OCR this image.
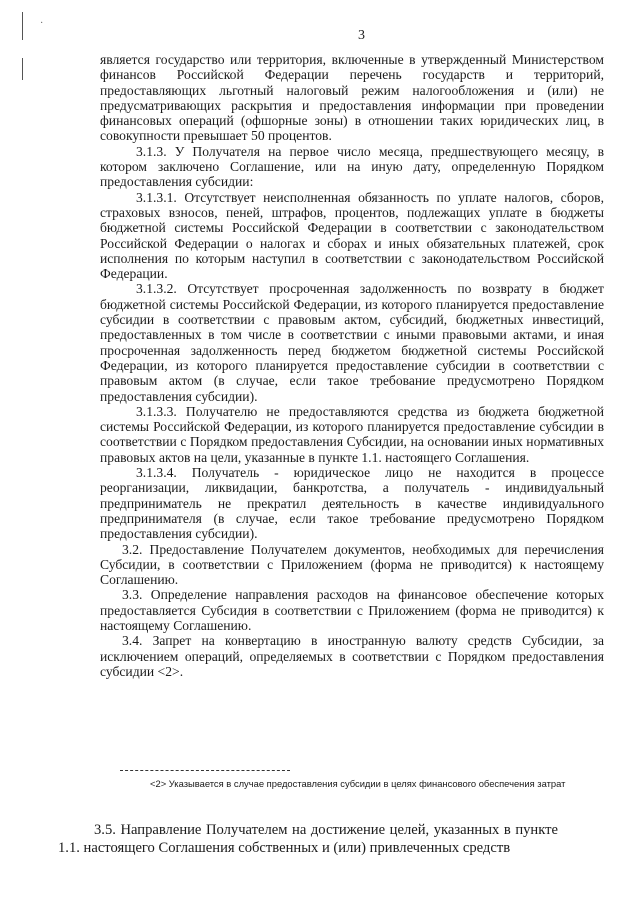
·
3

является государство или территория, включенные в утвержденный Министерством финансов Российской Федерации перечень государств и территорий, предоставляющих льготный налоговый режим налогообложения и (или) не предусматривающих раскрытия и предоставления информации при проведении финансовых операций (офшорные зоны) в отношении таких юридических лиц, в совокупности превышает 50 процентов.

3.1.3. У Получателя на первое число месяца, предшествующего месяцу, в котором заключено Соглашение, или на иную дату, определенную Порядком предоставления субсидии:

3.1.3.1. Отсутствует неисполненная обязанность по уплате налогов, сборов, страховых взносов, пеней, штрафов, процентов, подлежащих уплате в бюджеты бюджетной системы Российской Федерации в соответствии с законодательством Российской Федерации о налогах и сборах и иных обязательных платежей, срок исполнения по которым наступил в соответствии с законодательством Российской Федерации.

3.1.3.2. Отсутствует просроченная задолженность по возврату в бюджет бюджетной системы Российской Федерации, из которого планируется предоставление субсидии в соответствии с правовым актом, субсидий, бюджетных инвестиций, предоставленных в том числе в соответствии с иными правовыми актами, и иная просроченная задолженность перед бюджетом бюджетной системы Российской Федерации, из которого планируется предоставление субсидии в соответствии с правовым актом (в случае, если такое требование предусмотрено Порядком предоставления субсидии).

3.1.3.3. Получателю не предоставляются средства из бюджета бюджетной системы Российской Федерации, из которого планируется предоставление субсидии в соответствии с Порядком предоставления Субсидии, на основании иных нормативных правовых актов на цели, указанные в пункте 1.1. настоящего Соглашения.

3.1.3.4. Получатель - юридическое лицо не находится в процессе реорганизации, ликвидации, банкротства, а получатель - индивидуальный предприниматель не прекратил деятельность в качестве индивидуального предпринимателя (в случае, если такое требование предусмотрено Порядком предоставления субсидии).

3.2. Предоставление Получателем документов, необходимых для перечисления Субсидии, в соответствии с Приложением (форма не приводится) к настоящему Соглашению.

3.3. Определение направления расходов на финансовое обеспечение которых предоставляется Субсидия в соответствии с Приложением (форма не приводится) к настоящему Соглашению.

3.4. Запрет на конвертацию в иностранную валюту средств Субсидии, за исключением операций, определяемых в соответствии с Порядком предоставления субсидии <2>.

<2> Указывается в случае предоставления субсидии в целях финансового обеспечения затрат

3.5. Направление Получателем на достижение целей, указанных в пункте 1.1. настоящего Соглашения собственных и (или) привлеченных средств
